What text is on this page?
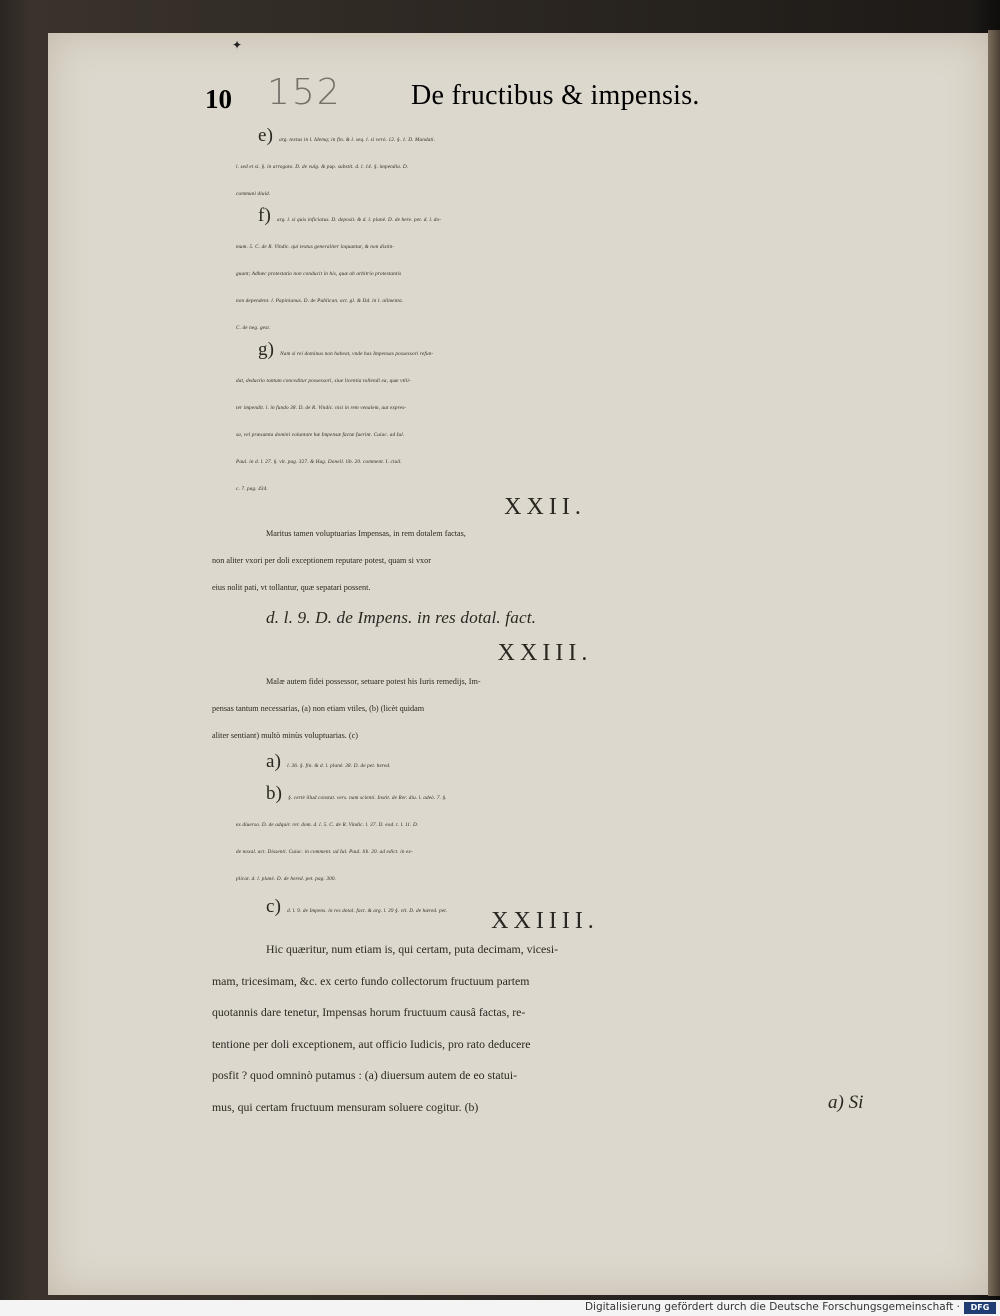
✦
10 152 De fructibus & impensis.
e) arg. textus in l. Idemq; in fin. & l. seq. l. si verò. 12. §. 1. D. Mandati.
l. sed et si. §. in arrogato. D. de vulg. & pup. substit. d. l. 14. §. impendia. D.
communi diuid.
f) arg. l. si quis inficiatus. D. deposit. & d. l. planè. D. de here. pet. d. l. do-
mum. 5. C. de R. Vindic. qui textus generaliter loquuntur, & non distin-
guunt; Adhæc protestatio non conducit in his, quæ ab arbitrio protestantis
non dependent. l. Papinianus. D. de Publican. act. gl. & Dd. in l. alimenta.
C. de neg. gest.
g) Nam si rei dominus non habeat, vnde has Impensas possessori refun-
dat, deductio tantum conceditur possessori, siue licentia tollendi ea, quæ vtili-
ter impendit. l. in fundo 38. D. de R. Vindic. nisi in rem venalem, aut expres-
sa, vel præsumta domini voluntate hæ Impensæ factæ fuerint. Cuiac. ad Iul.
Paul. in d. l. 27. §. vlt. pag. 327. & Hug. Donell. lib. 20. comment. I. ciuil.
c. 7. pag. 434.
XXII.
Maritus tamen voluptuarias Impensas, in rem dotalem factas,
non aliter vxori per doli exceptionem reputare potest, quam si vxor
eius nolit pati, vt tollantur, quæ sepatari possent.
d. l. 9. D. de Impens. in res dotal. fact.
XXIII.
Malæ autem fidei possessor, setuare potest his Iuris remedijs, Im-
pensas tantum necessarias, (a) non etiam vtiles, (b) (licèt quidam
aliter sentiant) multò minùs voluptuarias. (c)
a) l. 36. §. fin. & d. l. planè. 38. D. de pet. hered.
b) §. certè illud constat. vers. nam scienti. Instit. de Rer. diu. l. adeò. 7. §.
ex diuerso. D. de adquir. rer. dom. d. l. 5. C. de R. Vindic. l. 37. D. eod. t. l. 11. D.
de noxal. act. Dissenti. Cuiac. in comment. ad Iul. Paul. lib. 20. ad edict. in ex-
plicat. d. l. planè. D. de hered. pet. pag. 300.
c) d. l. 9. de Impens. in res dotal. fact. & arg. l. 39 §. vlt. D. de hæred. pet.	XXIIII.
Hic quæritur, num etiam is, qui certam, puta decimam, vicesi-
mam, tricesimam, &c. ex certo fundo collectorum fructuum partem
quotannis dare tenetur, Impensas horum fructuum causâ factas, re-
tentione per doli exceptionem, aut officio Iudicis, pro rato deducere
posfit ? quod omninò putamus : (a) diuersum autem de eo statui-
mus, qui certam fructuum mensuram soluere cogitur. (b)	a) Si
Digitalisierung gefördert durch die Deutsche Forschungsgemeinschaft ·	DFG
